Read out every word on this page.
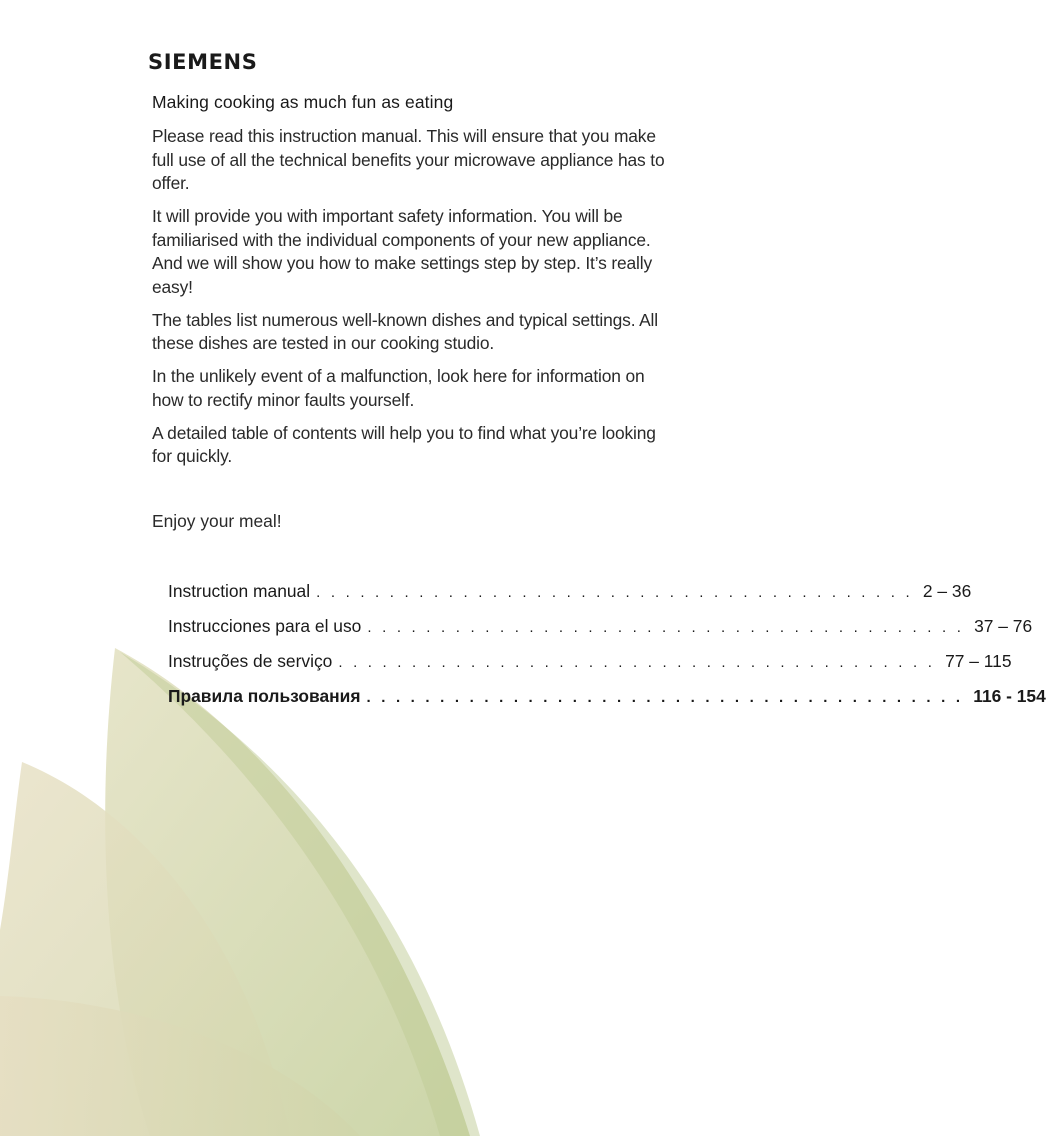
SIEMENS
Making cooking as much fun as eating

Please read this instruction manual. This will ensure that you make full use of all the technical benefits your microwave appliance has to offer.

It will provide you with important safety information. You will be familiarised with the individual components of your new appliance. And we will show you how to make settings step by step. It’s really easy!

The tables list numerous well-known dishes and typical settings. All these dishes are tested in our cooking studio.

In the unlikely event of a malfunction, look here for information on how to rectify minor faults yourself.

A detailed table of contents will help you to find what you’re looking for quickly.

Enjoy your meal!

Instruction manual . . . . . . . . . . . . . . . . . . . . . . . . . . . . . . . . . . . . . . . . . 2 – 36
Instrucciones para el uso . . . . . . . . . . . . . . . . . . . . . . . . . . . . . . . . . . . . . . . . . 37 – 76
Instruções de serviço . . . . . . . . . . . . . . . . . . . . . . . . . . . . . . . . . . . . . . . . . 77 – 115
Правила пользования . . . . . . . . . . . . . . . . . . . . . . . . . . . . . . . . . . . . . . . . . 116 - 154
